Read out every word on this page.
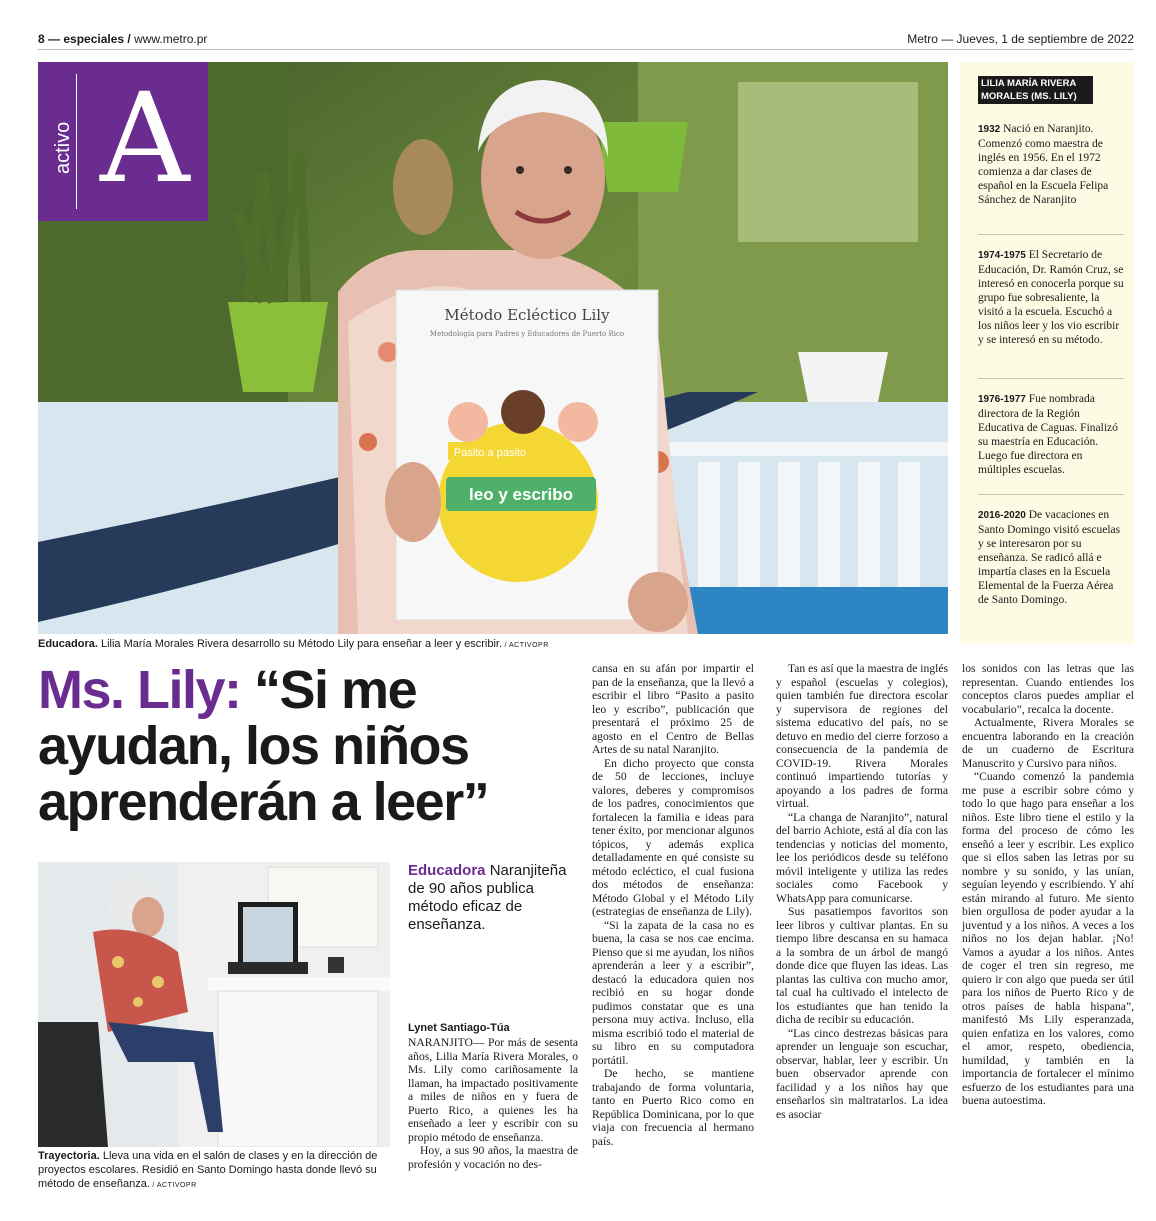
8 — especiales / www.metro.pr	Metro — Jueves, 1 de septiembre de 2022
Método Ecléctico Lily
Metodología para Padres y Educadores de Puerto Rico
Pasito a pasito
leo y escribo
activo A
Educadora. Lilia María Morales Rivera desarrollo su Método Lily para enseñar a leer y escribir. / ACTIVOPR
LILIA MARÍA RIVERA MORALES (MS. LILY)
1932 Nació en Naranjito. Comenzó como maestra de inglés en 1956. En el 1972 comienza a dar clases de español en la Escuela Felipa Sánchez de Naranjito
1974-1975 El Secretario de Educación, Dr. Ramón Cruz, se interesó en conocerla porque su grupo fue sobresaliente, la visitó a la escuela. Escuchó a los niños leer y los vio escribir y se interesó en su método.
1976-1977 Fue nombrada directora de la Región Educativa de Caguas. Finalizó su maestría en Educación. Luego fue directora en múltiples escuelas.
2016-2020 De vacaciones en Santo Domingo visitó escuelas y se interesaron por su enseñanza. Se radicó allá e impartía clases en la Escuela Elemental de la Fuerza Aérea de Santo Domingo.
Ms. Lily: “Si me ayudan, los niños aprenderán a leer”
Trayectoria. Lleva una vida en el salón de clases y en la dirección de proyectos escolares. Residió en Santo Domingo hasta donde llevó su método de enseñanza. / ACTIVOPR
Educadora Naranjiteña de 90 años publica método eficaz de enseñanza.
Lynet Santiago-Túa

NARANJITO— Por más de sesenta años, Lilia María Rivera Morales, o Ms. Lily como cariñosamente la llaman, ha impactado positivamente a miles de niños en y fuera de Puerto Rico, a quienes les ha enseñado a leer y escribir con su propio método de enseñanza.

Hoy, a sus 90 años, la maestra de profesión y vocación no des-

cansa en su afán por impartir el pan de la enseñanza, que la llevó a escribir el libro “Pasito a pasito leo y escribo”, publicación que presentará el próximo 25 de agosto en el Centro de Bellas Artes de su natal Naranjito.

En dicho proyecto que consta de 50 de lecciones, incluye valores, deberes y compromisos de los padres, conocimientos que fortalecen la familia e ideas para tener éxito, por mencionar algunos tópicos, y además explica detalladamente en qué consiste su método ecléctico, el cual fusiona dos métodos de enseñanza: Método Global y el Método Lily (estrategias de enseñanza de Lily).

“Si la zapata de la casa no es buena, la casa se nos cae encima. Pienso que si me ayudan, los niños aprenderán a leer y a escribir”, destacó la educadora quien nos recibió en su hogar donde pudimos constatar que es una persona muy activa. Incluso, ella misma escribió todo el material de su libro en su computadora portátil.

De hecho, se mantiene trabajando de forma voluntaria, tanto en Puerto Rico como en República Dominicana, por lo que viaja con frecuencia al hermano país.

Tan es así que la maestra de inglés y español (escuelas y colegios), quien también fue directora escolar y supervisora de regiones del sistema educativo del país, no se detuvo en medio del cierre forzoso a consecuencia de la pandemia de COVID-19. Rivera Morales continuó impartiendo tutorías y apoyando a los padres de forma virtual.

“La changa de Naranjito”, natural del barrio Achiote, está al día con las tendencias y noticias del momento, lee los periódicos desde su teléfono móvil inteligente y utiliza las redes sociales como Facebook y WhatsApp para comunicarse.

Sus pasatiempos favoritos son leer libros y cultivar plantas. En su tiempo libre descansa en su hamaca a la sombra de un árbol de mangó donde dice que fluyen las ideas. Las plantas las cultiva con mucho amor, tal cual ha cultivado el intelecto de los estudiantes que han tenido la dicha de recibir su educación.

“Las cinco destrezas básicas para aprender un lenguaje son escuchar, observar, hablar, leer y escribir. Un buen observador aprende con facilidad y a los niños hay que enseñarlos sin maltratarlos. La idea es asociar

los sonidos con las letras que las representan. Cuando entiendes los conceptos claros puedes ampliar el vocabulario”, recalca la docente.

Actualmente, Rivera Morales se encuentra laborando en la creación de un cuaderno de Escritura Manuscrito y Cursivo para niños.

“Cuando comenzó la pandemia me puse a escribir sobre cómo y todo lo que hago para enseñar a los niños. Este libro tiene el estilo y la forma del proceso de cómo les enseñó a leer y escribir. Les explico que si ellos saben las letras por su nombre y su sonido, y las unían, seguían leyendo y escribiendo. Y ahí están mirando al futuro. Me siento bien orgullosa de poder ayudar a la juventud y a los niños. A veces a los niños no los dejan hablar. ¡No! Vamos a ayudar a los niños. Antes de coger el tren sin regreso, me quiero ir con algo que pueda ser útil para los niños de Puerto Rico y de otros países de habla hispana”, manifestó Ms Lily esperanzada, quien enfatiza en los valores, como el amor, respeto, obediencia, humildad, y también en la importancia de fortalecer el mínimo esfuerzo de los estudiantes para una buena autoestima.
